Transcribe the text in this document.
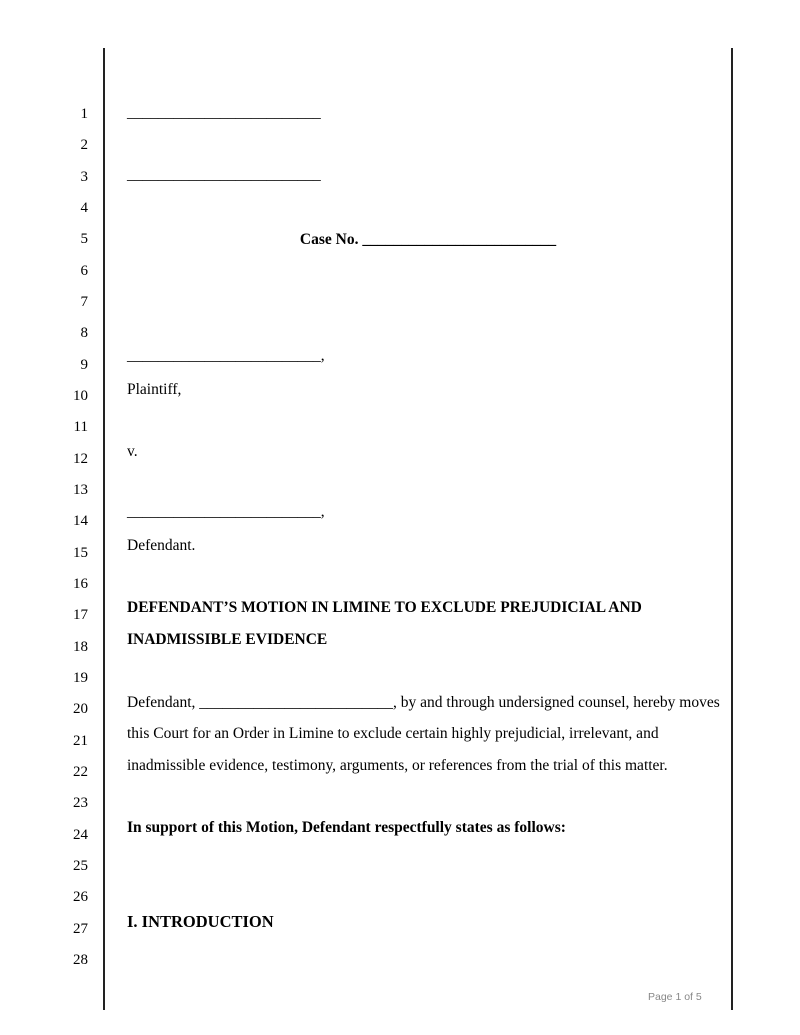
1
2
3
4
5
6
7
8
9
10
11
12
13
14
15
16
17
18
19
20
21
22
23
24
25
26
27
28
_________________________
_________________________
Case No. _________________________
_________________________,
Plaintiff,
v.
_________________________,
Defendant.
DEFENDANT’S MOTION IN LIMINE TO EXCLUDE PREJUDICIAL AND
INADMISSIBLE EVIDENCE
Defendant, _________________________, by and through undersigned counsel, hereby moves
this Court for an Order in Limine to exclude certain highly prejudicial, irrelevant, and
inadmissible evidence, testimony, arguments, or references from the trial of this matter.
In support of this Motion, Defendant respectfully states as follows:
I. INTRODUCTION
Page 1 of 5
